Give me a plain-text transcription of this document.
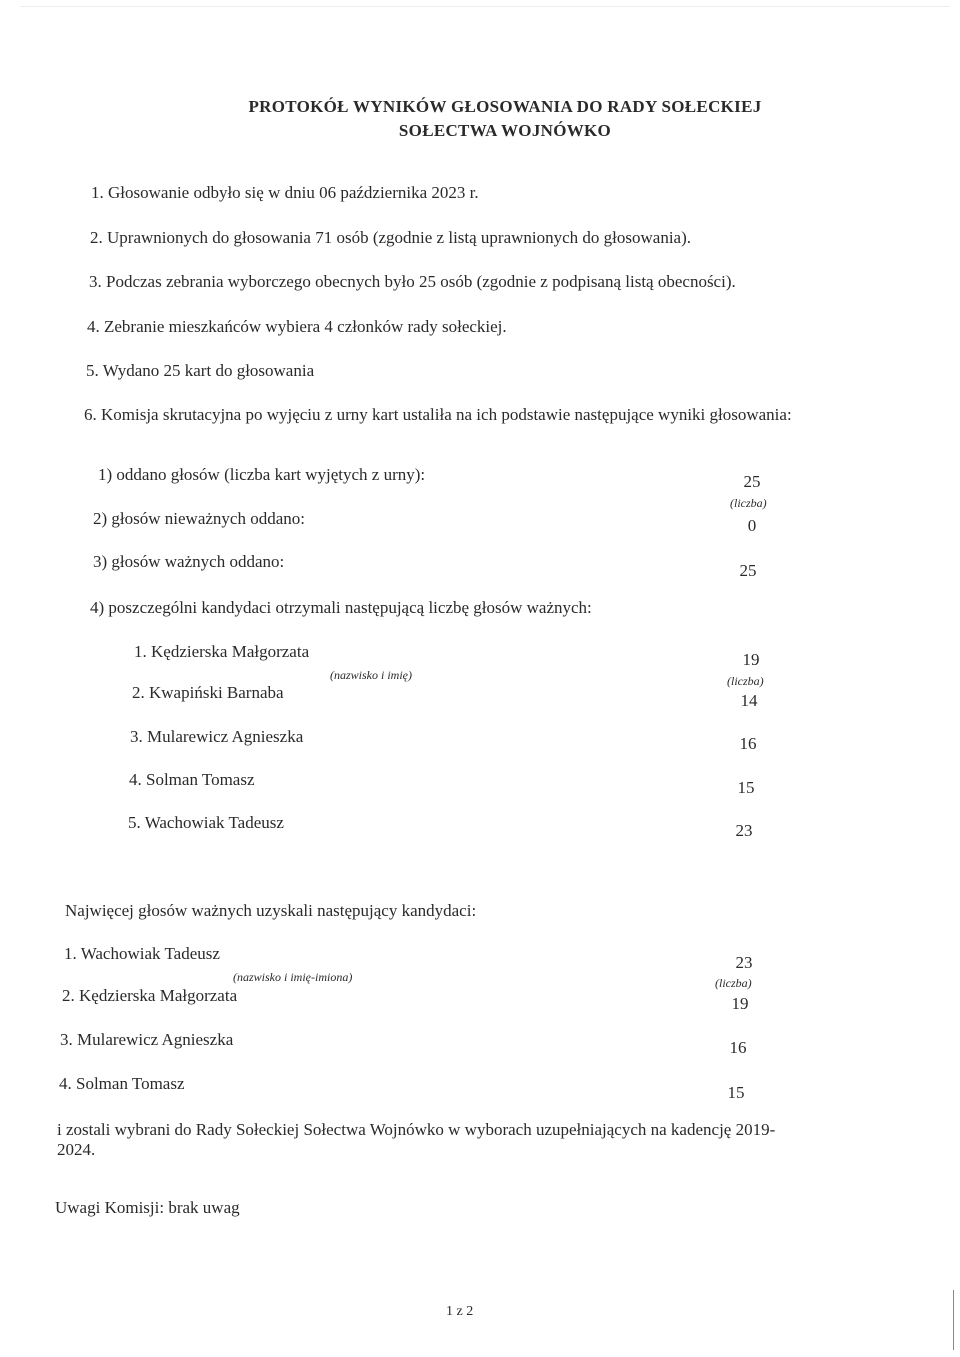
PROTOKÓŁ WYNIKÓW GŁOSOWANIA DO RADY SOŁECKIEJ
SOŁECTWA WOJNÓWKO
1. Głosowanie odbyło się w dniu 06 października 2023 r.
2. Uprawnionych do głosowania 71 osób (zgodnie z listą uprawnionych do głosowania).
3. Podczas zebrania wyborczego obecnych było 25 osób (zgodnie z podpisaną listą obecności).
4. Zebranie mieszkańców wybiera 4 członków rady sołeckiej.
5. Wydano 25 kart do głosowania
6. Komisja skrutacyjna po wyjęciu z urny kart ustaliła na ich podstawie następujące wyniki głosowania:
1) oddano głosów (liczba kart wyjętych z urny):	25
(liczba)
2) głosów nieważnych oddano:	0
3) głosów ważnych oddano:	25
4) poszczególni kandydaci otrzymali następującą liczbę głosów ważnych:
1. Kędzierska Małgorzata	19
(nazwisko i imię)	(liczba)
2. Kwapiński Barnaba	14
3. Mularewicz Agnieszka	16
4. Solman Tomasz	15
5. Wachowiak Tadeusz	23
Najwięcej głosów ważnych uzyskali następujący kandydaci:
1. Wachowiak Tadeusz	23
(nazwisko i imię-imiona)	(liczba)
2. Kędzierska Małgorzata	19
3. Mularewicz Agnieszka	16
4. Solman Tomasz	15
i zostali wybrani do Rady Sołeckiej Sołectwa Wojnówko w wyborach uzupełniających na kadencję 2019-
2024.
Uwagi Komisji: brak uwag
1 z 2
